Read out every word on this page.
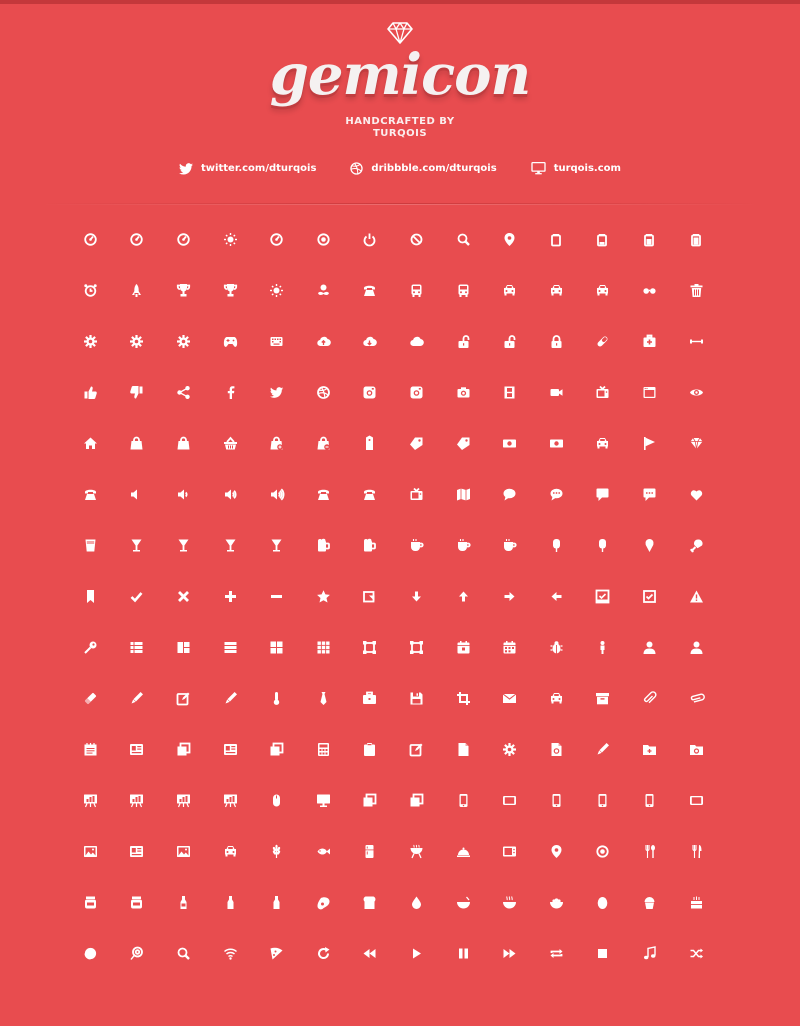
gemicon
HANDCRAFTED BY
TURQOIS
twitter.com/dturqois	dribbble.com/dturqois	turqois.com
